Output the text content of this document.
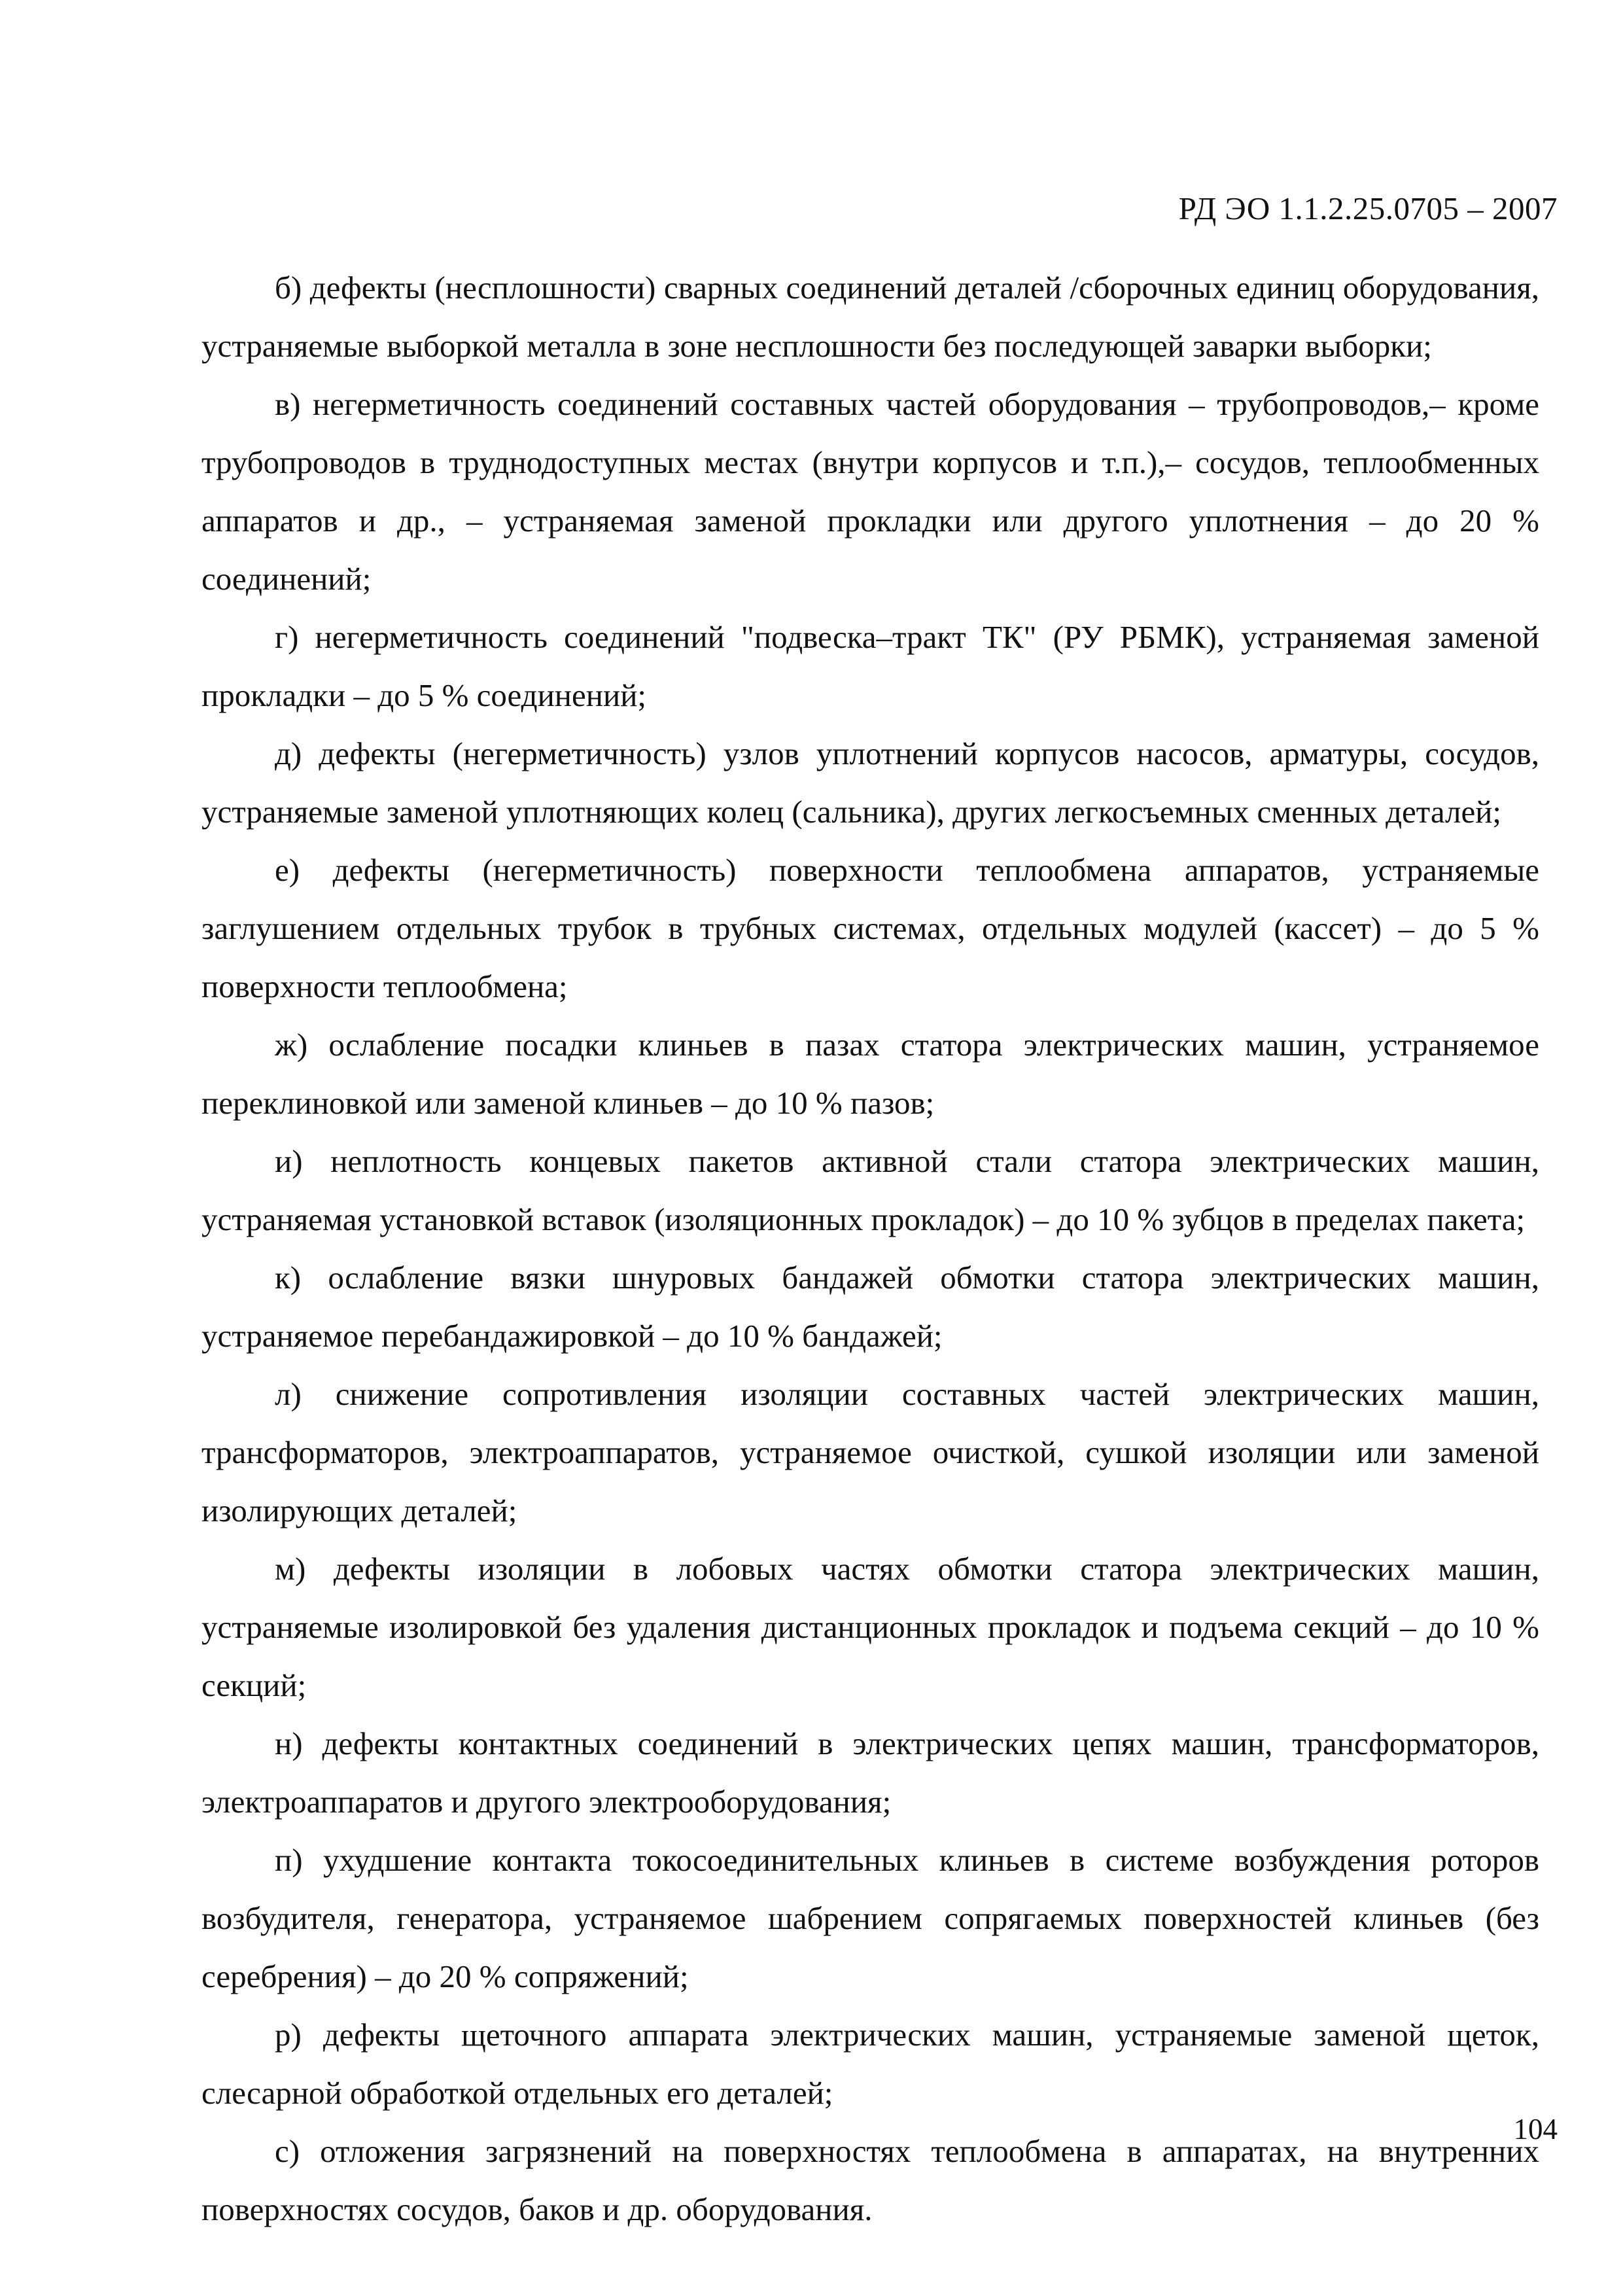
РД ЭО 1.1.2.25.0705 – 2007

б) дефекты (несплошности) сварных соединений деталей /сборочных единиц оборудования, устраняемые выборкой металла в зоне несплошности без последующей заварки выборки;

в) негерметичность соединений составных частей оборудования – трубопроводов,– кроме трубопроводов в труднодоступных местах (внутри корпусов и т.п.),– сосудов, теплообменных аппаратов и др., – устраняемая заменой прокладки или другого уплотнения – до 20 % соединений;

г) негерметичность соединений "подвеска–тракт ТК" (РУ РБМК), устраняемая заменой прокладки – до 5 % соединений;

д) дефекты (негерметичность) узлов уплотнений корпусов насосов, арматуры, сосудов, устраняемые заменой уплотняющих колец (сальника), других легкосъемных сменных деталей;

е) дефекты (негерметичность) поверхности теплообмена аппаратов, устраняемые заглушением отдельных трубок в трубных системах, отдельных модулей (кассет) – до 5 % поверхности теплообмена;

ж) ослабление посадки клиньев в пазах статора электрических машин, устраняемое переклиновкой или заменой клиньев – до 10 % пазов;

и) неплотность концевых пакетов активной стали статора электрических машин, устраняемая установкой вставок (изоляционных прокладок) – до 10 % зубцов в пределах пакета;

к) ослабление вязки шнуровых бандажей обмотки статора электрических машин, устраняемое перебандажировкой – до 10 % бандажей;

л) снижение сопротивления изоляции составных частей электрических машин, трансформаторов, электроаппаратов, устраняемое очисткой, сушкой изоляции или заменой изолирующих деталей;

м) дефекты изоляции в лобовых частях обмотки статора электрических машин, устраняемые изолировкой без удаления дистанционных прокладок и подъема секций – до 10 % секций;

н) дефекты контактных соединений в электрических цепях машин, трансформаторов, электроаппаратов и другого электрооборудования;

п) ухудшение контакта токосоединительных клиньев в системе возбуждения роторов возбудителя, генератора, устраняемое шабрением сопрягаемых поверхностей клиньев (без серебрения) – до 20 % сопряжений;

р) дефекты щеточного аппарата электрических машин, устраняемые заменой щеток, слесарной обработкой отдельных его деталей;

с) отложения загрязнений на поверхностях теплообмена в аппаратах, на внутренних поверхностях сосудов, баков и др. оборудования.

104
